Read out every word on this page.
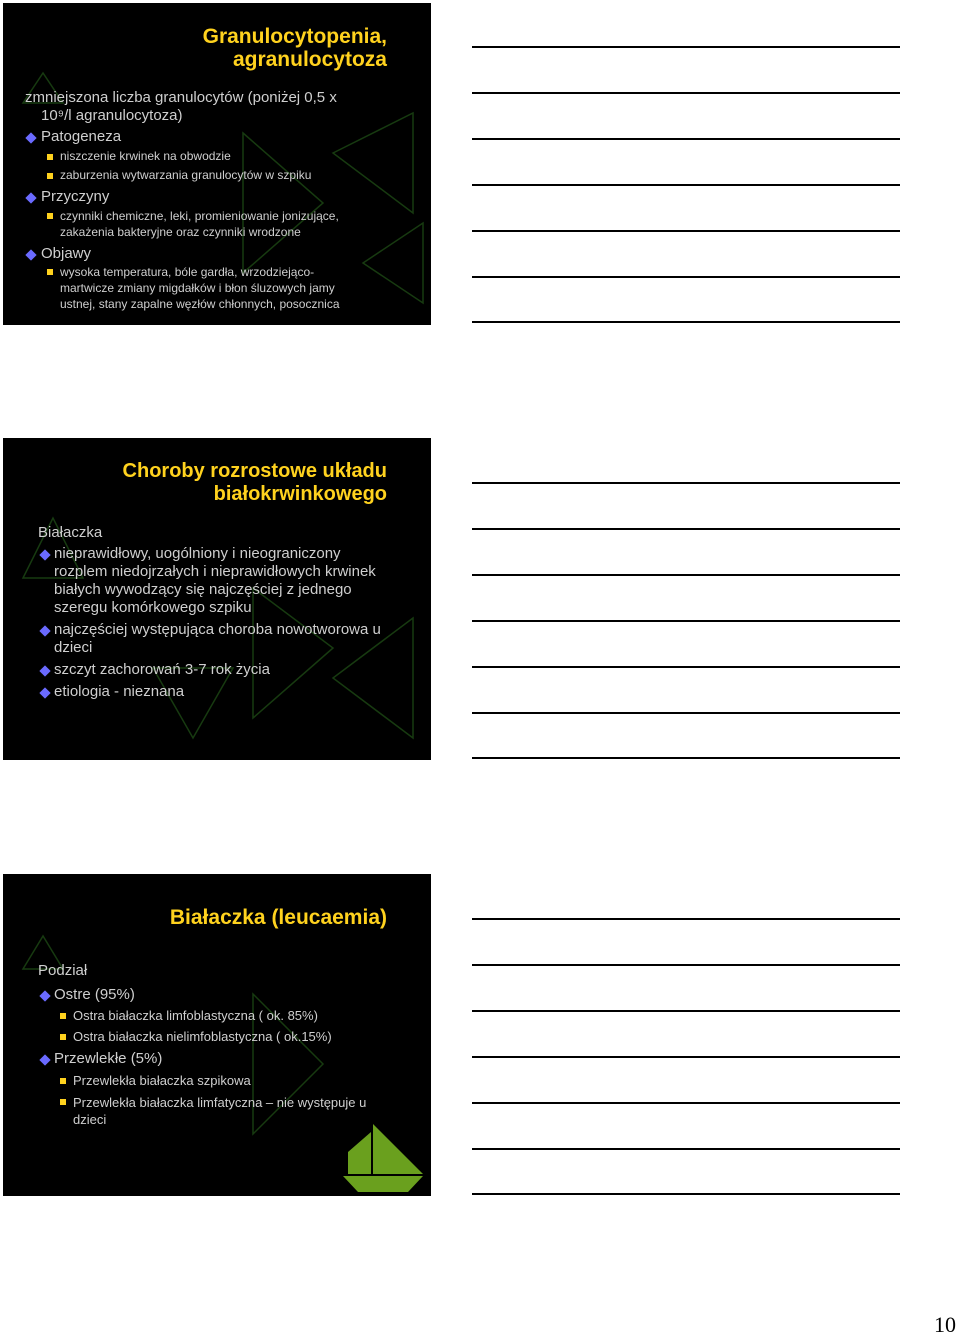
Granulocytopenia,
agranulocytoza
zmniejszona liczba granulocytów (poniżej 0,5 x
10⁹/l agranulocytoza)
Patogeneza
niszczenie krwinek na obwodzie
zaburzenia wytwarzania granulocytów w szpiku
Przyczyny
czynniki chemiczne, leki, promieniowanie jonizujące,
zakażenia bakteryjne oraz czynniki wrodzone
Objawy
wysoka temperatura, bóle gardła, wrzodziejąco-
martwicze zmiany migdałków i błon śluzowych jamy
ustnej, stany zapalne węzłów chłonnych, posocznica
Choroby rozrostowe układu
białokrwinkowego
Białaczka
nieprawidłowy, uogólniony i nieograniczony
rozplem niedojrzałych i nieprawidłowych krwinek
białych wywodzący się najczęściej z jednego
szeregu komórkowego szpiku
najczęściej występująca choroba nowotworowa u
dzieci
szczyt zachorowań 3-7 rok życia
etiologia - nieznana
Białaczka (leucaemia)
Podział
Ostre (95%)
Ostra białaczka limfoblastyczna ( ok. 85%)
Ostra białaczka nielimfoblastyczna ( ok.15%)
Przewlekłe (5%)
Przewlekła białaczka szpikowa
Przewlekła białaczka limfatyczna – nie występuje u
dzieci
10
